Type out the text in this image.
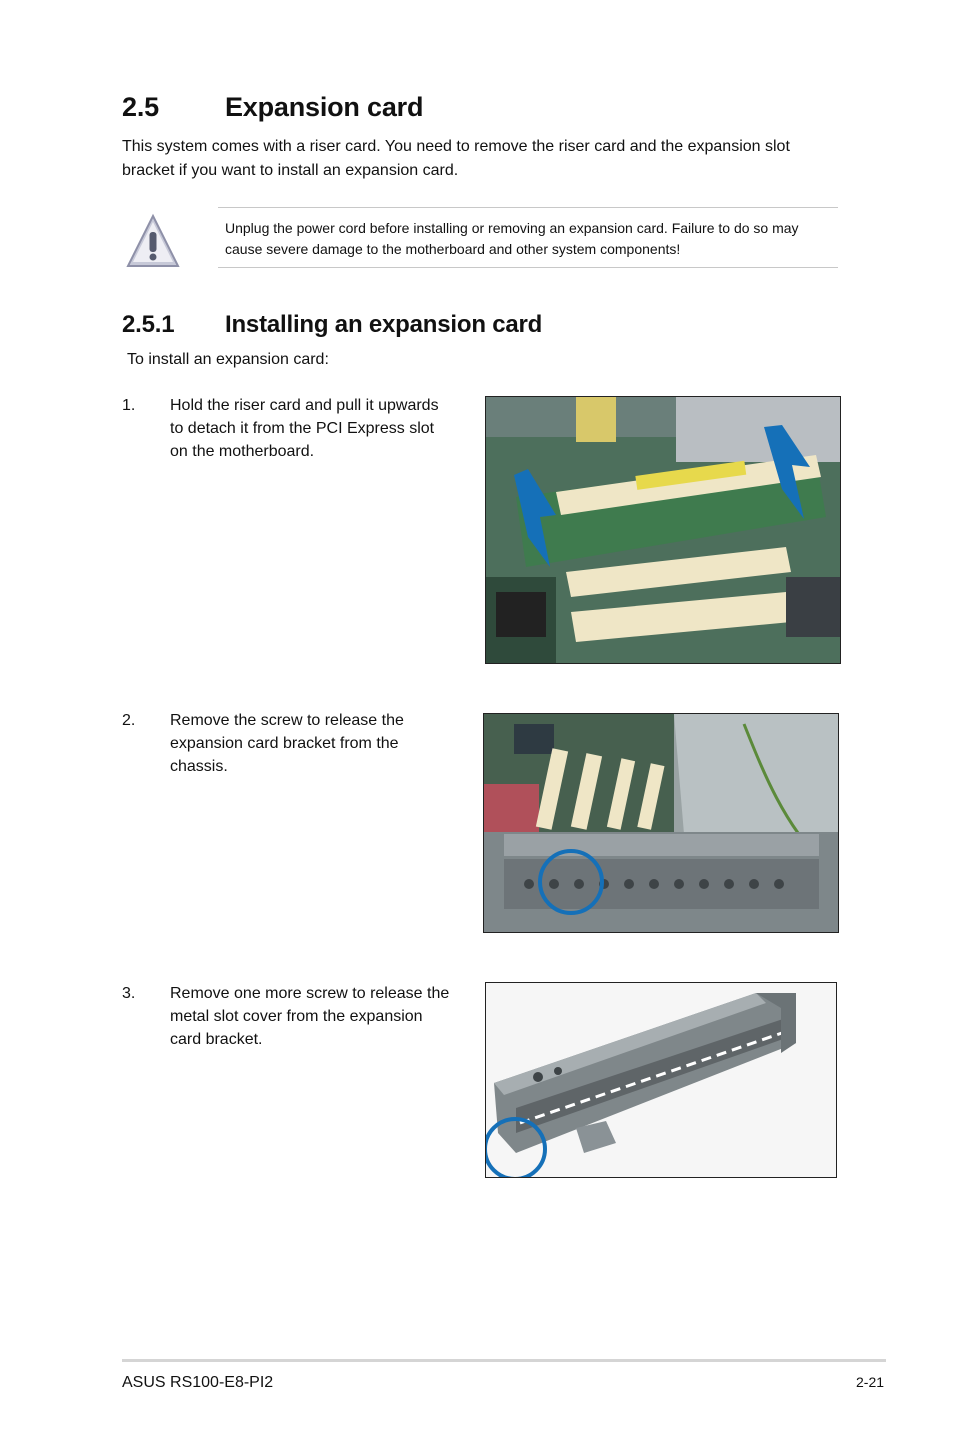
2.5 Expansion card
This system comes with a riser card. You need to remove the riser card and the expansion slot bracket if you want to install an expansion card.
Unplug the power cord before installing or removing an expansion card. Failure to do so may cause severe damage to the motherboard and other system components!
2.5.1 Installing an expansion card
To install an expansion card:
1. Hold the riser card and pull it upwards to detach it from the PCI Express slot on the motherboard.
2. Remove the screw to release the expansion card bracket from the chassis.
3. Remove one more screw to release the metal slot cover from the expansion card bracket.
ASUS RS100-E8-PI2	2-21
